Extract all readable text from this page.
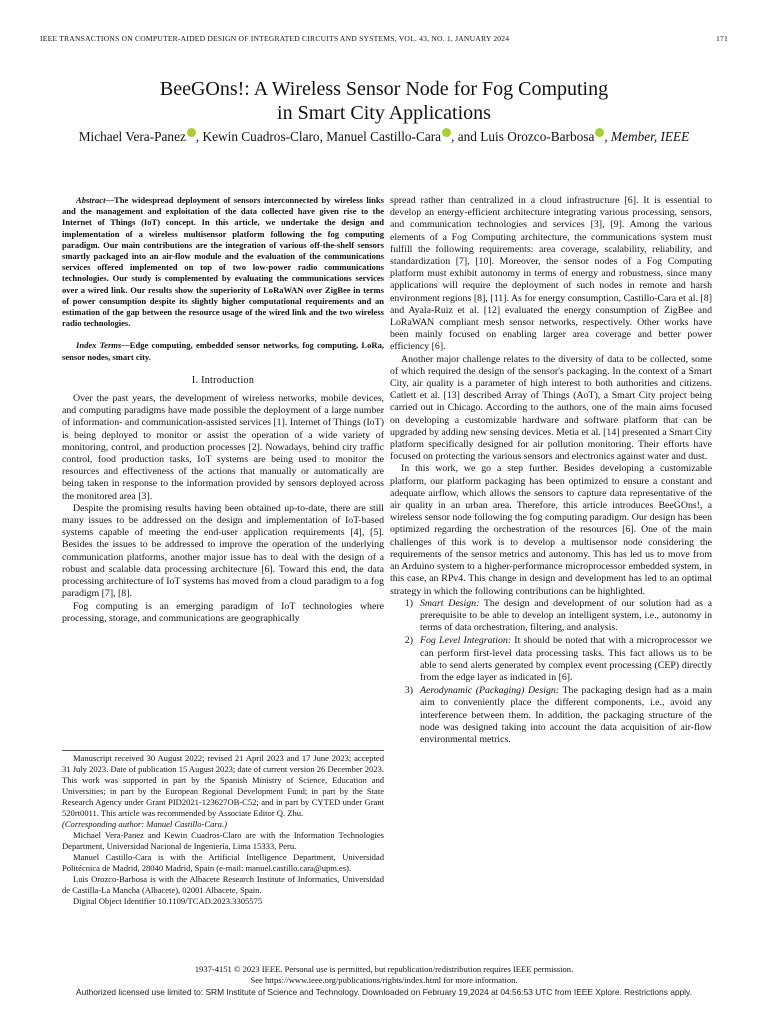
IEEE TRANSACTIONS ON COMPUTER-AIDED DESIGN OF INTEGRATED CIRCUITS AND SYSTEMS, VOL. 43, NO. 1, JANUARY 2024	171
BeeGOns!: A Wireless Sensor Node for Fog Computing
in Smart City Applications
Michael Vera-Panez , Kewin Cuadros-Claro, Manuel Castillo-Cara , and Luis Orozco-Barbosa , Member, IEEE

Abstract—The widespread deployment of sensors interconnected by wireless links and the management and exploitation of the data collected have given rise to the Internet of Things (IoT) concept. In this article, we undertake the design and implementation of a wireless multisensor platform following the fog computing paradigm. Our main contributions are the integration of various off-the-shelf sensors smartly packaged into an air-flow module and the evaluation of the communications services offered implemented on top of two low-power radio communications technologies. Our study is complemented by evaluating the communications services over a wired link. Our results show the superiority of LoRaWAN over ZigBee in terms of power consumption despite its slightly higher computational requirements and an estimation of the gap between the resource usage of the wired link and the two wireless radio technologies.

Index Terms—Edge computing, embedded sensor networks, fog computing, LoRa, sensor nodes, smart city.

I. Introduction

Over the past years, the development of wireless networks, mobile devices, and computing paradigms have made possible the deployment of a large number of information- and communication-assisted services [1]. Internet of Things (IoT) is being deployed to monitor or assist the operation of a wide variety of monitoring, control, and production processes [2]. Nowadays, behind city traffic control, food production tasks, IoT systems are being used to monitor the resources and effectiveness of the actions that manually or automatically are being taken in response to the information provided by sensors deployed across the monitored area [3].

Despite the promising results having been obtained up-to-date, there are still many issues to be addressed on the design and implementation of IoT-based systems capable of meeting the end-user application requirements [4], [5]. Besides the issues to be addressed to improve the operation of the underlying communication platforms, another major issue has to deal with the design of a robust and scalable data processing architecture [6]. Toward this end, the data processing architecture of IoT systems has moved from a cloud paradigm to a fog paradigm [7], [8].

Fog computing is an emerging paradigm of IoT technologies where processing, storage, and communications are geographically

Manuscript received 30 August 2022; revised 21 April 2023 and 17 June 2023; accepted 31 July 2023. Date of publication 15 August 2023; date of current version 26 December 2023. This work was supported in part by the Spanish Ministry of Science, Education and Universities; in part by the European Regional Development Fund; in part by the State Research Agency under Grant PID2021-123627OB-C52; and in part by CYTED under Grant 520rt0011. This article was recommended by Associate Editor Q. Zhu.
(Corresponding author: Manuel Castillo-Cara.)

Michael Vera-Panez and Kewin Cuadros-Claro are with the Information Technologies Department, Universidad Nacional de Ingeniería, Lima 15333, Peru.

Manuel Castillo-Cara is with the Artificial Intelligence Department, Universidad Politécnica de Madrid, 28040 Madrid, Spain (e-mail: manuel.castillo.cara@upm.es).

Luis Orozco-Barbosa is with the Albacete Research Institute of Informatics, Universidad de Castilla-La Mancha (Albacete), 02001 Albacete, Spain.

Digital Object Identifier 10.1109/TCAD.2023.3305575

spread rather than centralized in a cloud infrastructure [6]. It is essential to develop an energy-efficient architecture integrating various processing, sensors, and communication technologies and services [3], [9]. Among the various elements of a Fog Computing architecture, the communications system must fulfill the following requirements: area coverage, scalability, reliability, and standardization [7], [10]. Moreover, the sensor nodes of a Fog Computing platform must exhibit autonomy in terms of energy and robustness, since many applications will require the deployment of such nodes in remote and harsh environment regions [8], [11]. As for energy consumption, Castillo-Cara et al. [8] and Ayala-Ruiz et al. [12] evaluated the energy consumption of ZigBee and LoRaWAN compliant mesh sensor networks, respectively. Other works have been mainly focused on enabling larger area coverage and better power efficiency [6].

Another major challenge relates to the diversity of data to be collected, some of which required the design of the sensor's packaging. In the context of a Smart City, air quality is a parameter of high interest to both authorities and citizens. Catlett et al. [13] described Array of Things (AoT), a Smart City project being carried out in Chicago. According to the authors, one of the main aims focused on developing a customizable hardware and software platform that can be upgraded by adding new sensing devices. Metia et al. [14] presented a Smart City platform specifically designed for air pollution monitoring. Their efforts have focused on protecting the various sensors and electronics against water and dust.

In this work, we go a step further. Besides developing a customizable platform, our platform packaging has been optimized to ensure a constant and adequate airflow, which allows the sensors to capture data representative of the air quality in an urban area. Therefore, this article introduces BeeGOns!, a wireless sensor node following the fog computing paradigm. Our design has been optimized regarding the orchestration of the resources [6]. One of the main challenges of this work is to develop a multisensor node considering the requirements of the sensor metrics and autonomy. This has led us to move from an Arduino system to a higher-performance microprocessor embedded system, in this case, an RPv4. This change in design and development has led to an optimal strategy in which the following contributions can be highlighted.

1) Smart Design: The design and development of our solution had as a prerequisite to be able to develop an intelligent system, i.e., autonomy in terms of data orchestration, filtering, and analysis.
2) Fog Level Integration: It should be noted that with a microprocessor we can perform first-level data processing tasks. This fact allows us to be able to send alerts generated by complex event processing (CEP) directly from the edge layer as indicated in [6].
3) Aerodynamic (Packaging) Design: The packaging design had as a main aim to conveniently place the different components, i.e., avoid any interference between them. In addition, the packaging structure of the node was designed taking into account the data acquisition of air-flow environmental metrics.
1937-4151 © 2023 IEEE. Personal use is permitted, but republication/redistribution requires IEEE permission.
See https://www.ieee.org/publications/rights/index.html for more information.
Authorized licensed use limited to: SRM Institute of Science and Technology. Downloaded on February 19,2024 at 04:56:53 UTC from IEEE Xplore. Restrictions apply.
